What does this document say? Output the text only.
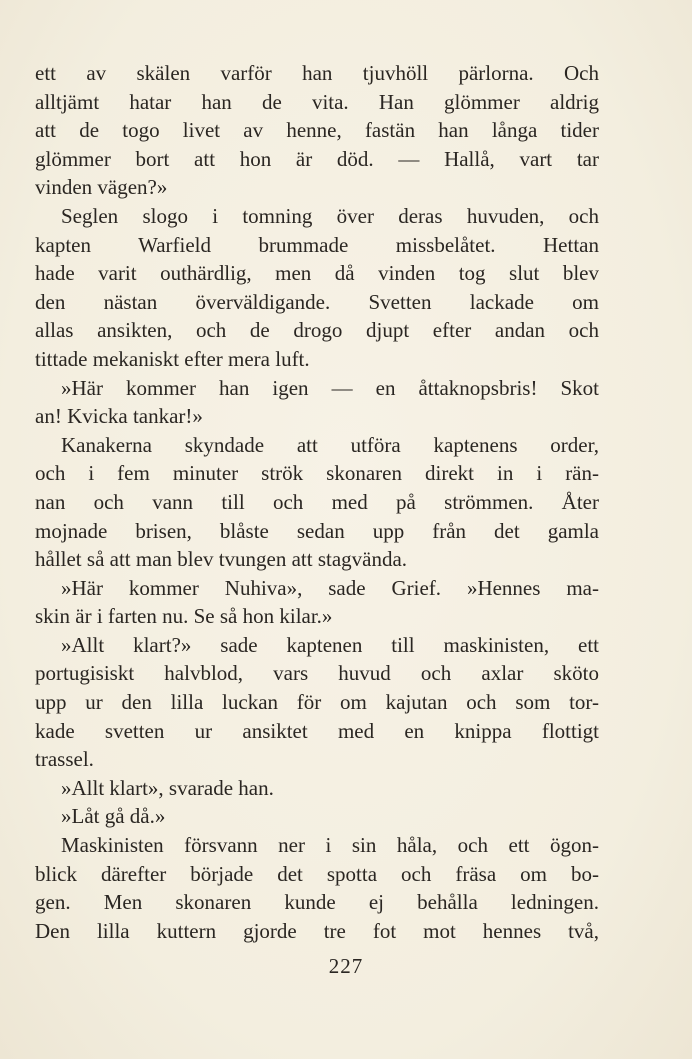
ett av skälen varför han tjuvhöll pärlorna. Och
alltjämt hatar han de vita. Han glömmer aldrig
att de togo livet av henne, fastän han långa tider
glömmer bort att hon är död. — Hallå, vart tar
vinden vägen?»
Seglen slogo i tomning över deras huvuden, och
kapten Warfield brummade missbelåtet. Hettan
hade varit outhärdlig, men då vinden tog slut blev
den nästan överväldigande. Svetten lackade om
allas ansikten, och de drogo djupt efter andan och
tittade mekaniskt efter mera luft.
»Här kommer han igen — en åttaknopsbris! Skot
an! Kvicka tankar!»
Kanakerna skyndade att utföra kaptenens order,
och i fem minuter strök skonaren direkt in i rän-
nan och vann till och med på strömmen. Åter
mojnade brisen, blåste sedan upp från det gamla
hållet så att man blev tvungen att stagvända.
»Här kommer Nuhiva», sade Grief. »Hennes ma-
skin är i farten nu. Se så hon kilar.»
»Allt klart?» sade kaptenen till maskinisten, ett
portugisiskt halvblod, vars huvud och axlar sköto
upp ur den lilla luckan för om kajutan och som tor-
kade svetten ur ansiktet med en knippa flottigt
trassel.
»Allt klart», svarade han.
»Låt gå då.»
Maskinisten försvann ner i sin håla, och ett ögon-
blick därefter började det spotta och fräsa om bo-
gen. Men skonaren kunde ej behålla ledningen.
Den lilla kuttern gjorde tre fot mot hennes två,
227
